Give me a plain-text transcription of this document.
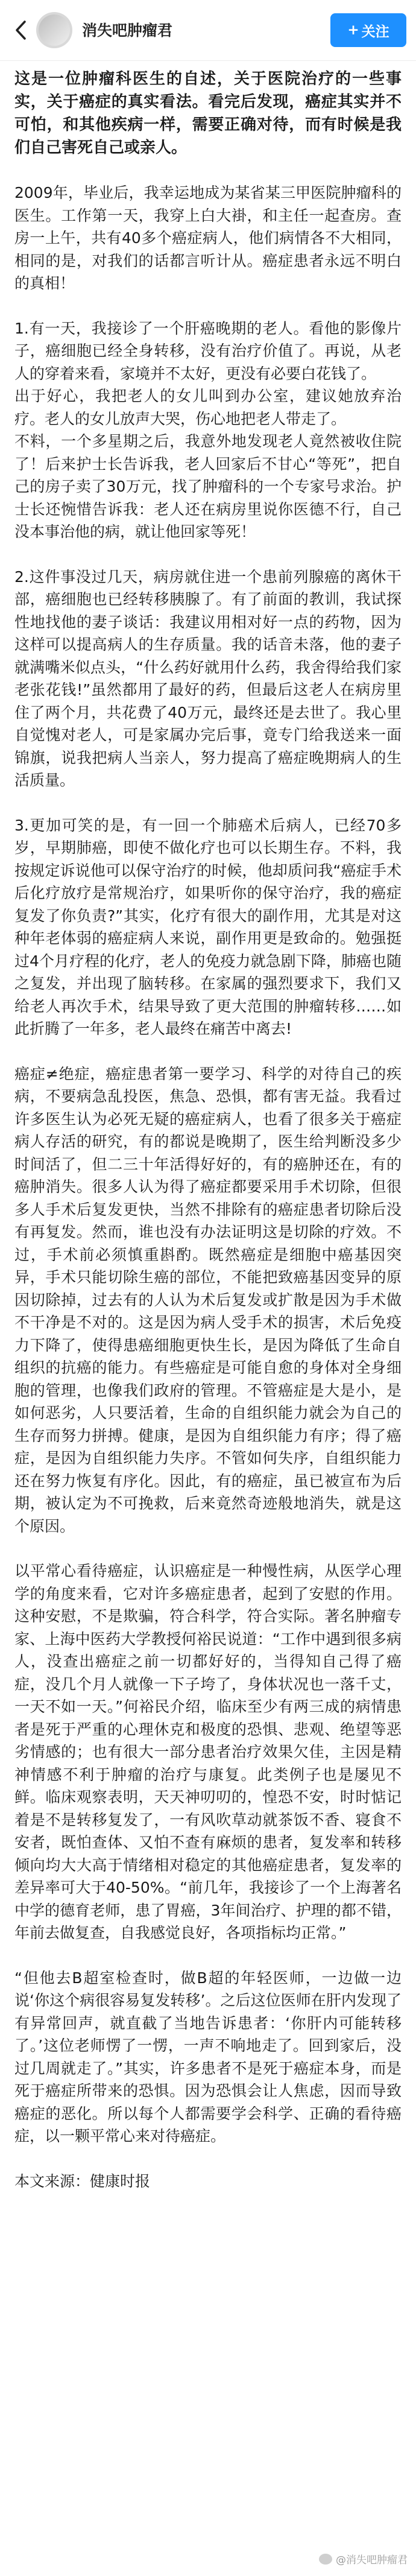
消失吧肿瘤君	+ 关注

这是一位肿瘤科医生的自述，关于医院治疗的一些事实，关于癌症的真实看法。看完后发现，癌症其实并不可怕，和其他疾病一样，需要正确对待，而有时候是我们自己害死自己或亲人。

2009年，毕业后，我幸运地成为某省某三甲医院肿瘤科的医生。工作第一天，我穿上白大褂，和主任一起查房。查房一上午，共有40多个癌症病人，他们病情各不大相同，相同的是，对我们的话都言听计从。癌症患者永远不明白的真相！

1.有一天，我接诊了一个肝癌晚期的老人。看他的影像片子，癌细胞已经全身转移，没有治疗价值了。再说，从老人的穿着来看，家境并不太好，更没有必要白花钱了。
出于好心，我把老人的女儿叫到办公室，建议她放弃治疗。老人的女儿放声大哭，伤心地把老人带走了。
不料，一个多星期之后，我意外地发现老人竟然被收住院了！后来护士长告诉我，老人回家后不甘心“等死”，把自己的房子卖了30万元，找了肿瘤科的一个专家号求治。护士长还惋惜告诉我：老人还在病房里说你医德不行，自己没本事治他的病，就让他回家等死！

2.这件事没过几天，病房就住进一个患前列腺癌的离休干部，癌细胞也已经转移胰腺了。有了前面的教训，我试探性地找他的妻子谈话：我建议用相对好一点的药物，因为这样可以提高病人的生存质量。我的话音未落，他的妻子就满嘴米似点头，“什么药好就用什么药，我舍得给我们家老张花钱!”虽然都用了最好的药，但最后这老人在病房里住了两个月，共花费了40万元，最终还是去世了。我心里自觉愧对老人，可是家属办完后事，竟专门给我送来一面锦旗，说我把病人当亲人，努力提高了癌症晚期病人的生活质量。

3.更加可笑的是，有一回一个肺癌术后病人，已经70多岁，早期肺癌，即使不做化疗也可以长期生存。不料，我按规定诉说他可以保守治疗的时候，他却质问我“癌症手术后化疗放疗是常规治疗，如果听你的保守治疗，我的癌症复发了你负责?”其实，化疗有很大的副作用，尤其是对这种年老体弱的癌症病人来说，副作用更是致命的。勉强挺过4个月疗程的化疗，老人的免疫力就急剧下降，肺癌也随之复发，并出现了脑转移。在家属的强烈要求下，我们又给老人再次手术，结果导致了更大范围的肿瘤转移……如此折腾了一年多，老人最终在痛苦中离去!

癌症≠绝症，癌症患者第一要学习、科学的对待自己的疾病，不要病急乱投医，焦急、恐惧，都有害无益。我看过许多医生认为必死无疑的癌症病人，也看了很多关于癌症病人存活的研究，有的都说是晚期了，医生给判断没多少时间活了，但二三十年活得好好的，有的癌肿还在，有的癌肿消失。很多人认为得了癌症都要采用手术切除，但很多人手术后复发更快，当然不排除有的癌症患者切除后没有再复发。然而，谁也没有办法证明这是切除的疗效。不过，手术前必须慎重斟酌。既然癌症是细胞中癌基因突异，手术只能切除生癌的部位，不能把致癌基因变异的原因切除掉，过去有的人认为术后复发或扩散是因为手术做不干净是不对的。这是因为病人受手术的损害，术后免疫力下降了，使得患癌细胞更快生长，是因为降低了生命自组织的抗癌的能力。有些癌症是可能自愈的身体对全身细胞的管理，也像我们政府的管理。不管癌症是大是小，是如何恶劣，人只要活着，生命的自组织能力就会为自己的生存而努力拼搏。健康，是因为自组织能力有序；得了癌症，是因为自组织能力失序。不管如何失序，自组织能力还在努力恢复有序化。因此，有的癌症，虽已被宣布为后期，被认定为不可挽救，后来竟然奇迹般地消失，就是这个原因。

以平常心看待癌症，认识癌症是一种慢性病，从医学心理学的角度来看，它对许多癌症患者，起到了安慰的作用。这种安慰，不是欺骗，符合科学，符合实际。著名肿瘤专家、上海中医药大学教授何裕民说道：“工作中遇到很多病人，没查出癌症之前一切都好好的，当得知自己得了癌症，没几个月人就像一下子垮了，身体状况也一落千丈，一天不如一天。”何裕民介绍，临床至少有两三成的病情患者是死于严重的心理休克和极度的恐惧、悲观、绝望等恶劣情感的；也有很大一部分患者治疗效果欠佳，主因是精神情感不利于肿瘤的治疗与康复。此类例子也是屡见不鲜。临床观察表明，天天神叨叨的，惶恐不安，时时惦记着是不是转移复发了，一有风吹草动就茶饭不香、寝食不安者，既怕查体、又怕不查有麻烦的患者，复发率和转移倾向均大大高于情绪相对稳定的其他癌症患者，复发率的差异率可大于40-50%。“前几年，我接诊了一个上海著名中学的德育老师，患了胃癌，3年间治疗、护理的都不错，年前去做复查，自我感觉良好，各项指标均正常。”

“但他去B超室检查时，做B超的年轻医师，一边做一边说‘你这个病很容易复发转移’。之后这位医师在肝内发现了有异常回声，就直截了当地告诉患者：‘你肝内可能转移了。’这位老师愣了一愣，一声不响地走了。回到家后，没过几周就走了。”其实，许多患者不是死于癌症本身，而是死于癌症所带来的恐惧。因为恐惧会让人焦虑，因而导致癌症的恶化。所以每个人都需要学会科学、正确的看待癌症，以一颗平常心来对待癌症。

本文来源：健康时报

@消失吧肿瘤君
